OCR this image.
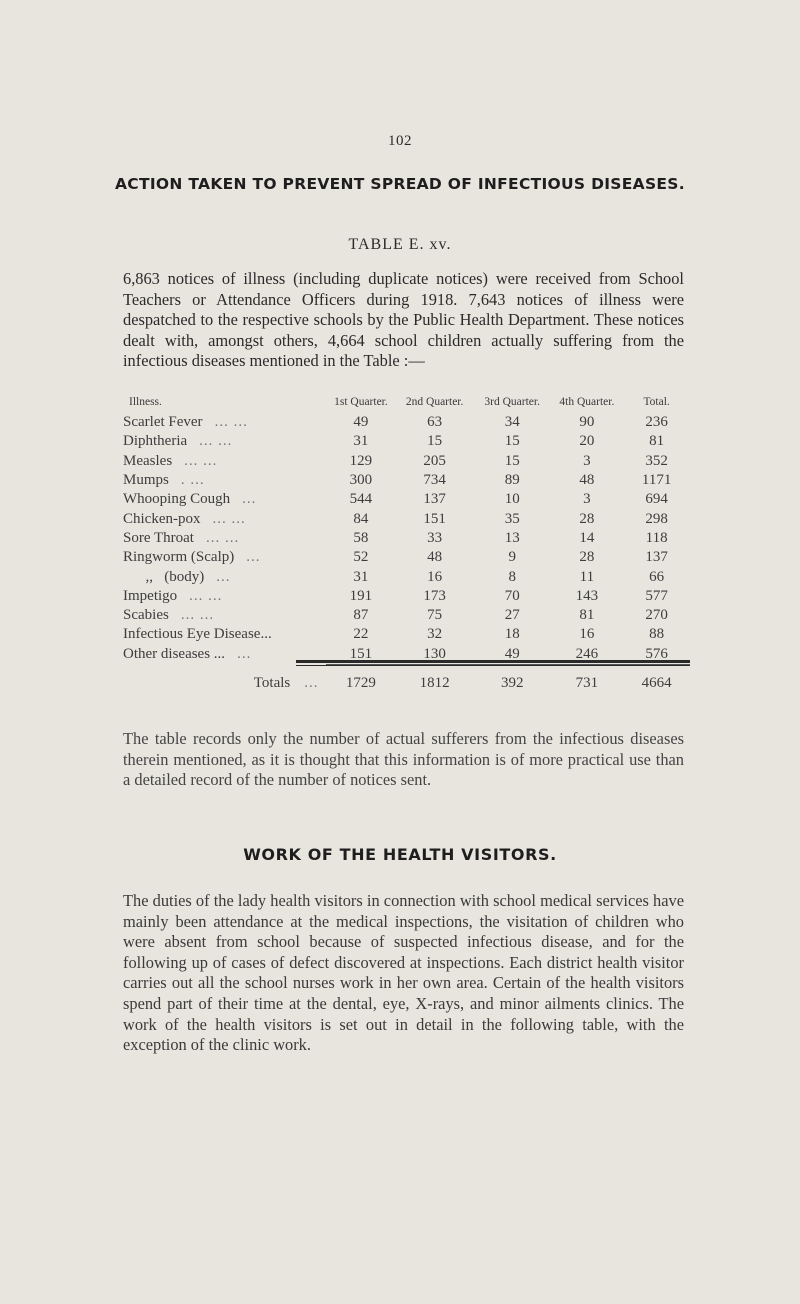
102
ACTION TAKEN TO PREVENT SPREAD OF INFECTIOUS DISEASES.
TABLE E. xv.
6,863 notices of illness (including duplicate notices) were received from School Teachers or Attendance Officers during 1918. 7,643 notices of illness were despatched to the respective schools by the Public Health Department. These notices dealt with, amongst others, 4,664 school children actually suffering from the infectious diseases mentioned in the Table :—
Illness.	1st Quarter.	2nd Quarter.	3rd Quarter.	4th Quarter.	Total.
Scarlet Fever ... ...	49	63	34	90	236
Diphtheria ... ...	31	15	15	20	81
Measles ... ...	129	205	15	3	352
Mumps . ...	300	734	89	48	1171
Whooping Cough ...	544	137	10	3	694
Chicken-pox ... ...	84	151	35	28	298
Sore Throat ... ...	58	33	13	14	118
Ringworm (Scalp) ...	52	48	9	28	137
,,   (body) ...	31	16	8	11	66
Impetigo ... ...	191	173	70	143	577
Scabies ... ...	87	75	27	81	270
Infectious Eye Disease...	22	32	18	16	88
Other diseases ... ...	151	130	49	246	576
Totals ...	1729	1812	392	731	4664
The table records only the number of actual sufferers from the infectious diseases therein mentioned, as it is thought that this information is of more practical use than a detailed record of the number of notices sent.
WORK OF THE HEALTH VISITORS.
The duties of the lady health visitors in connection with school medical services have mainly been attendance at the medical inspections, the visitation of children who were absent from school because of suspected infectious disease, and for the following up of cases of defect discovered at inspections. Each district health visitor carries out all the school nurses work in her own area. Certain of the health visitors spend part of their time at the dental, eye, X-rays, and minor ailments clinics. The work of the health visitors is set out in detail in the following table, with the exception of the clinic work.
